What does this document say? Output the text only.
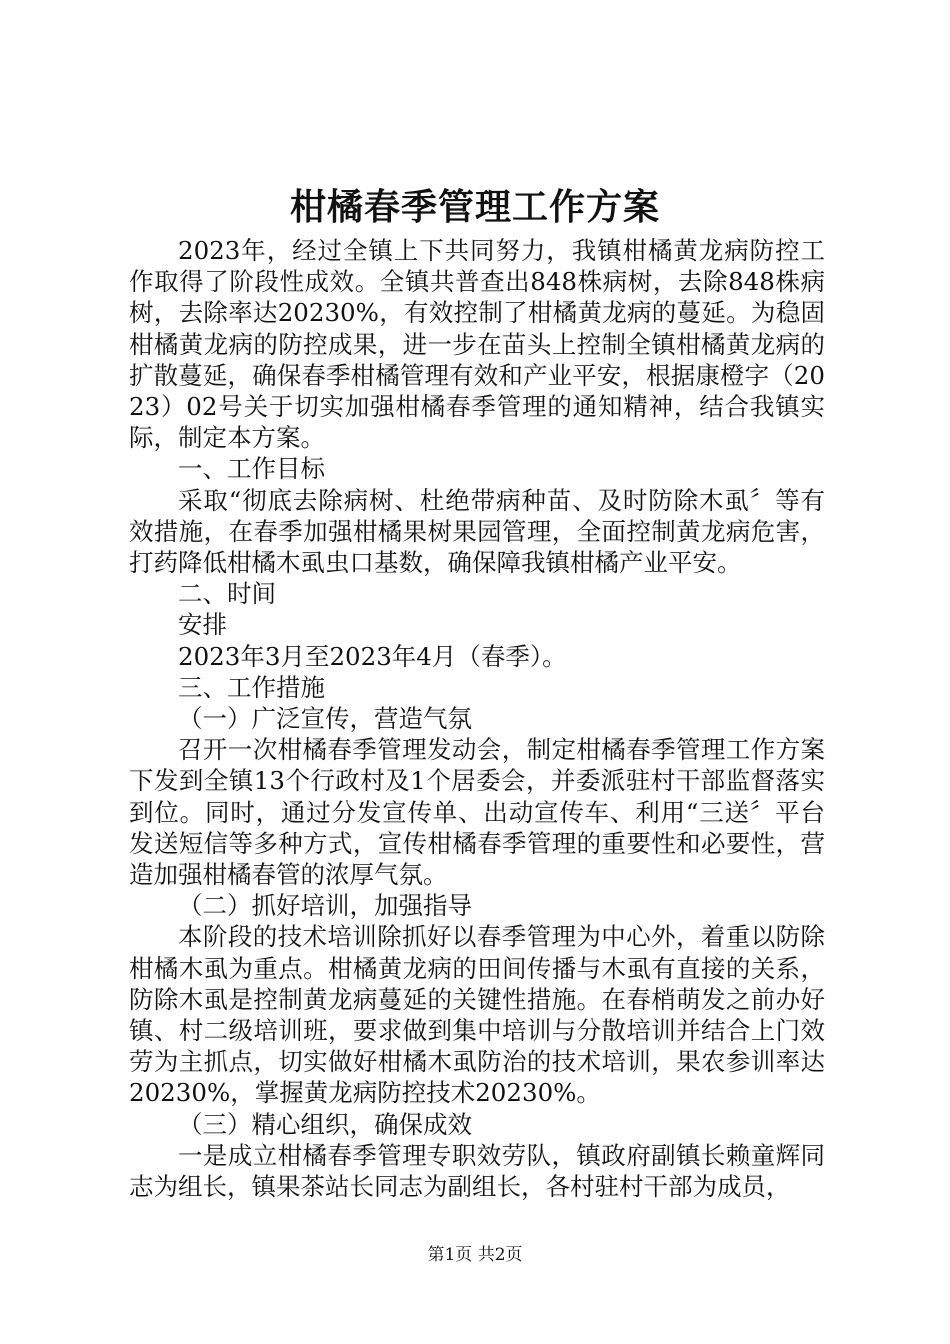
柑橘春季管理工作方案

2023年，经过全镇上下共同努力，我镇柑橘黄龙病防控工作取得了阶段性成效。全镇共普查出848株病树，去除848株病树，去除率达20230%，有效控制了柑橘黄龙病的蔓延。为稳固柑橘黄龙病的防控成果，进一步在苗头上控制全镇柑橘黄龙病的扩散蔓延，确保春季柑橘管理有效和产业平安，根据康橙字（2023）02号关于切实加强柑橘春季管理的通知精神，结合我镇实际，制定本方案。

一、工作目标

采取“彻底去除病树、杜绝带病种苗、及时防除木虱〞等有效措施，在春季加强柑橘果树果园管理，全面控制黄龙病危害，打药降低柑橘木虱虫口基数，确保障我镇柑橘产业平安。

二、时间

安排

2023年3月至2023年4月（春季）。

三、工作措施

（一）广泛宣传，营造气氛

召开一次柑橘春季管理发动会，制定柑橘春季管理工作方案下发到全镇13个行政村及1个居委会，并委派驻村干部监督落实到位。同时，通过分发宣传单、出动宣传车、利用“三送〞平台发送短信等多种方式，宣传柑橘春季管理的重要性和必要性，营造加强柑橘春管的浓厚气氛。

（二）抓好培训，加强指导

本阶段的技术培训除抓好以春季管理为中心外，着重以防除柑橘木虱为重点。柑橘黄龙病的田间传播与木虱有直接的关系，防除木虱是控制黄龙病蔓延的关键性措施。在春梢萌发之前办好镇、村二级培训班，要求做到集中培训与分散培训并结合上门效劳为主抓点，切实做好柑橘木虱防治的技术培训，果农参训率达20230%，掌握黄龙病防控技术20230%。

（三）精心组织，确保成效

一是成立柑橘春季管理专职效劳队，镇政府副镇长赖童辉同志为组长，镇果茶站长同志为副组长，各村驻村干部为成员，

第1页 共2页
